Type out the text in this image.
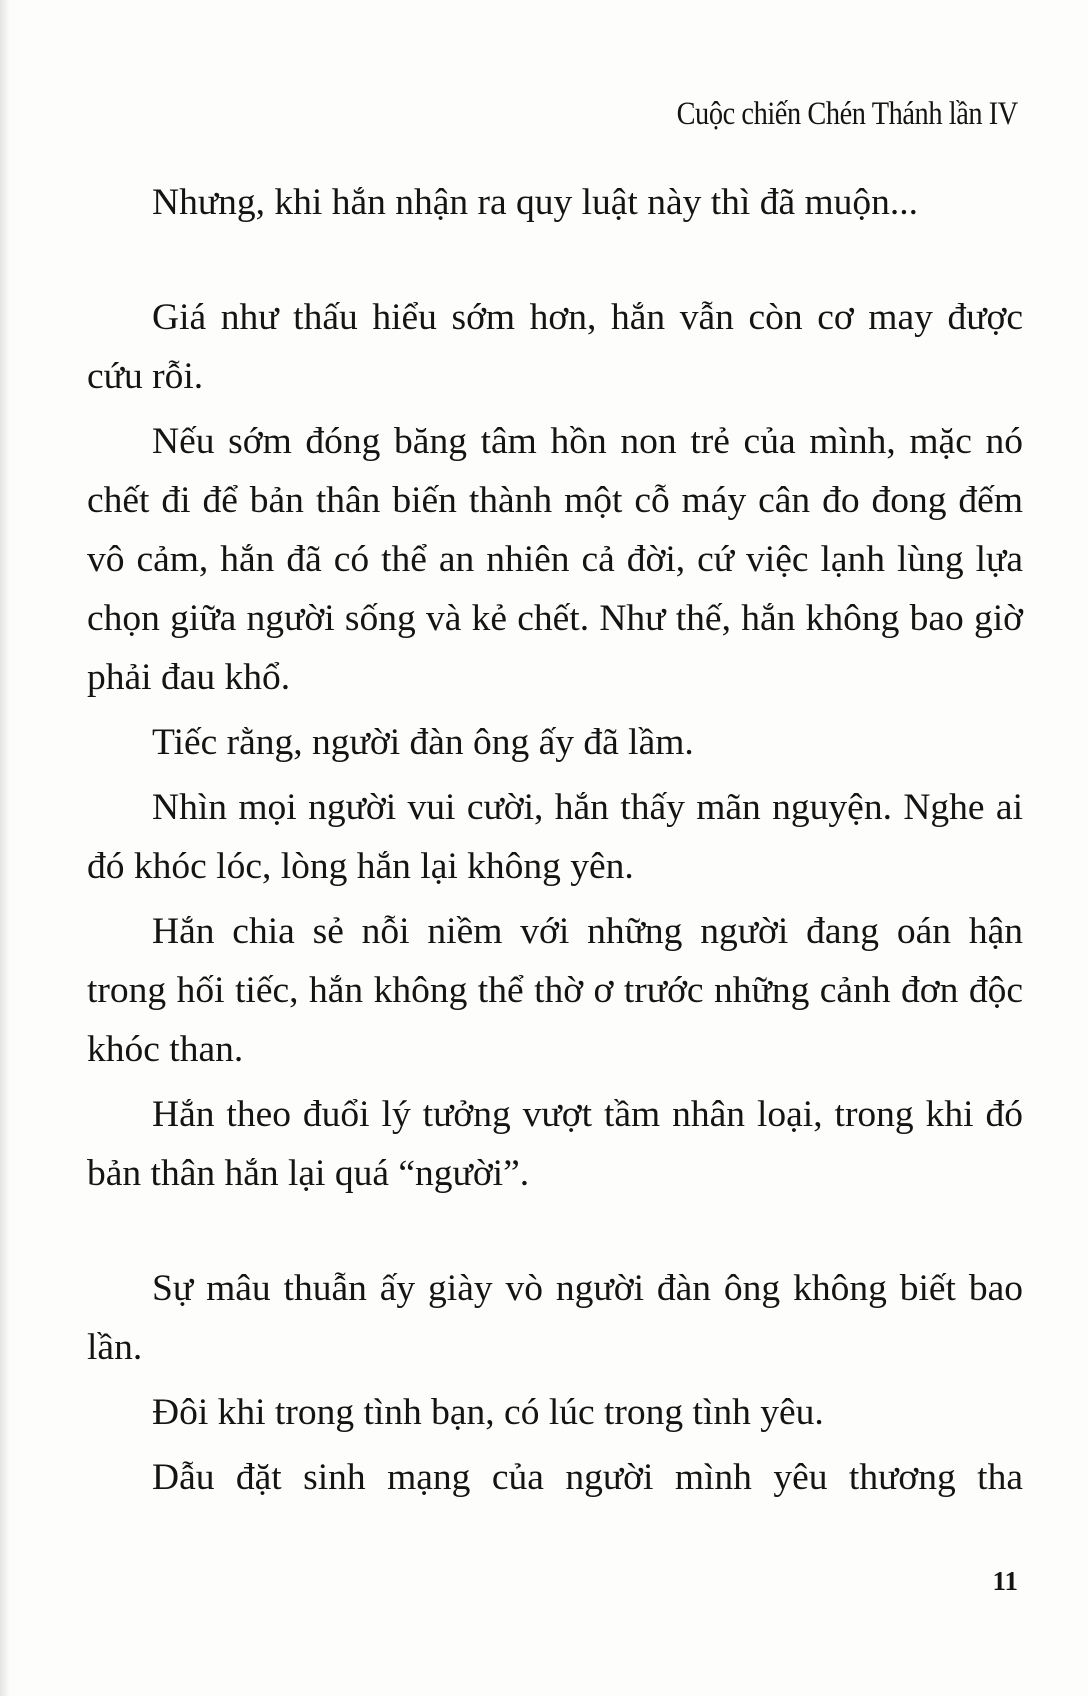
Cuộc chiến Chén Thánh lần IV

Nhưng, khi hắn nhận ra quy luật này thì đã muộn...

Giá như thấu hiểu sớm hơn, hắn vẫn còn cơ may được cứu rỗi.

Nếu sớm đóng băng tâm hồn non trẻ của mình, mặc nó chết đi để bản thân biến thành một cỗ máy cân đo đong đếm vô cảm, hắn đã có thể an nhiên cả đời, cứ việc lạnh lùng lựa chọn giữa người sống và kẻ chết. Như thế, hắn không bao giờ phải đau khổ.

Tiếc rằng, người đàn ông ấy đã lầm.

Nhìn mọi người vui cười, hắn thấy mãn nguyện. Nghe ai đó khóc lóc, lòng hắn lại không yên.

Hắn chia sẻ nỗi niềm với những người đang oán hận trong hối tiếc, hắn không thể thờ ơ trước những cảnh đơn độc khóc than.

Hắn theo đuổi lý tưởng vượt tầm nhân loại, trong khi đó bản thân hắn lại quá “người”.

Sự mâu thuẫn ấy giày vò người đàn ông không biết bao lần.

Đôi khi trong tình bạn, có lúc trong tình yêu.

Dẫu đặt sinh mạng của người mình yêu thương tha

11
